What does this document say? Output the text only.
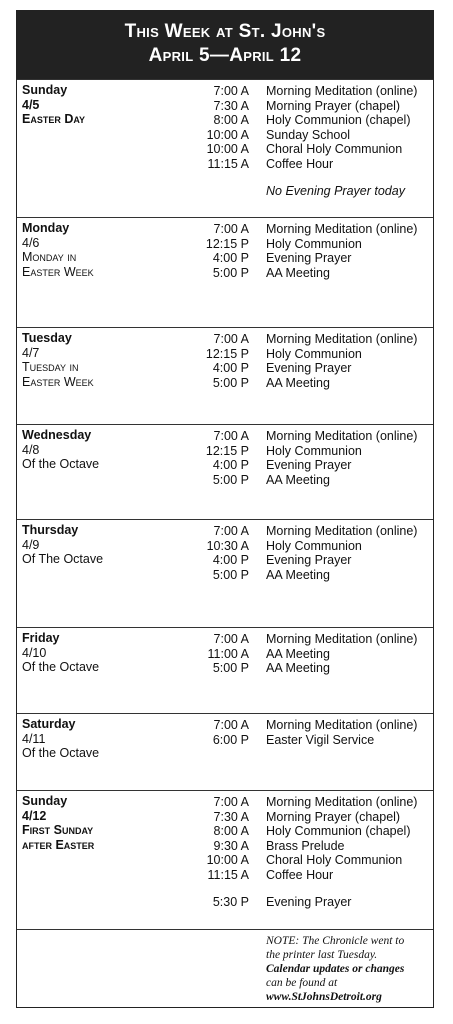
This Week at St. John's
April 5—April 12
Sunday
4/5
Easter Day
7:00 A Morning Meditation (online)
7:30 A Morning Prayer (chapel)
8:00 A Holy Communion (chapel)
10:00 A Sunday School
10:00 A Choral Holy Communion
11:15 A Coffee Hour
No Evening Prayer today
Monday
4/6
Monday in
Easter Week
7:00 A Morning Meditation (online)
12:15 P Holy Communion
4:00 P Evening Prayer
5:00 P AA Meeting
Tuesday
4/7
Tuesday in
Easter Week
7:00 A Morning Meditation (online)
12:15 P Holy Communion
4:00 P Evening Prayer
5:00 P AA Meeting
Wednesday
4/8
Of the Octave
7:00 A Morning Meditation (online)
12:15 P Holy Communion
4:00 P Evening Prayer
5:00 P AA Meeting
Thursday
4/9
Of The Octave
7:00 A Morning Meditation (online)
10:30 A Holy Communion
4:00 P Evening Prayer
5:00 P AA Meeting
Friday
4/10
Of the Octave
7:00 A Morning Meditation (online)
11:00 A AA Meeting
5:00 P AA Meeting
Saturday
4/11
Of the Octave
7:00 A Morning Meditation (online)
6:00 P Easter Vigil Service
Sunday
4/12
First Sunday
after Easter
7:00 A Morning Meditation (online)
7:30 A Morning Prayer (chapel)
8:00 A Holy Communion (chapel)
9:30 A Brass Prelude
10:00 A Choral Holy Communion
11:15 A Coffee Hour
5:30 P Evening Prayer
NOTE: The Chronicle went to
the printer last Tuesday.
Calendar updates or changes
can be found at
www.StJohnsDetroit.org
